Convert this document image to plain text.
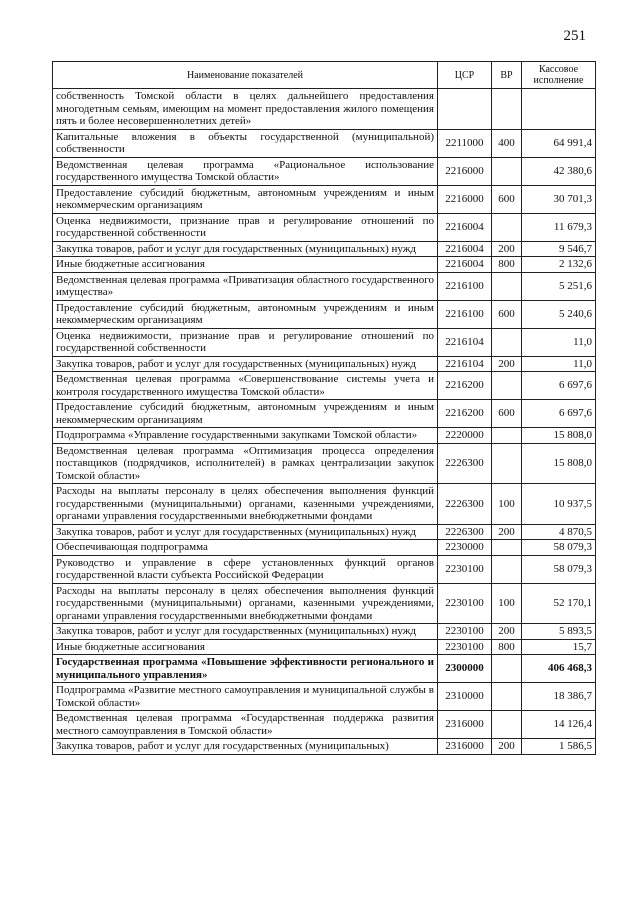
251
Наименование показателей	ЦСР	ВР	Кассовое исполнение
собственность Томской области в целях дальнейшего предоставления многодетным семьям, имеющим на момент предоставления жилого помещения пять и более несовершеннолетних детей»			
Капитальные вложения в объекты государственной (муниципальной) собственности	2211000	400	64 991,4
Ведомственная целевая программа «Рациональное использование государственного имущества Томской области»	2216000		42 380,6
Предоставление субсидий бюджетным, автономным учреждениям и иным некоммерческим организациям	2216000	600	30 701,3
Оценка недвижимости, признание прав и регулирование отношений по государственной собственности	2216004		11 679,3
Закупка товаров, работ и услуг для государственных (муниципальных) нужд	2216004	200	9 546,7
Иные бюджетные ассигнования	2216004	800	2 132,6
Ведомственная целевая программа «Приватизация областного государственного имущества»	2216100		5 251,6
Предоставление субсидий бюджетным, автономным учреждениям и иным некоммерческим организациям	2216100	600	5 240,6
Оценка недвижимости, признание прав и регулирование отношений по государственной собственности	2216104		11,0
Закупка товаров, работ и услуг для государственных (муниципальных) нужд	2216104	200	11,0
Ведомственная целевая программа «Совершенствование системы учета и контроля государственного имущества Томской области»	2216200		6 697,6
Предоставление субсидий бюджетным, автономным учреждениям и иным некоммерческим организациям	2216200	600	6 697,6
Подпрограмма «Управление государственными закупками Томской области»	2220000		15 808,0
Ведомственная целевая программа «Оптимизация процесса определения поставщиков (подрядчиков, исполнителей) в рамках централизации закупок Томской области»	2226300		15 808,0
Расходы на выплаты персоналу в целях обеспечения выполнения функций государственными (муниципальными) органами, казенными учреждениями, органами управления государственными внебюджетными фондами	2226300	100	10 937,5
Закупка товаров, работ и услуг для государственных (муниципальных) нужд	2226300	200	4 870,5
Обеспечивающая подпрограмма	2230000		58 079,3
Руководство и управление в сфере установленных функций органов государственной власти субъекта Российской Федерации	2230100		58 079,3
Расходы на выплаты персоналу в целях обеспечения выполнения функций государственными (муниципальными) органами, казенными учреждениями, органами управления государственными внебюджетными фондами	2230100	100	52 170,1
Закупка товаров, работ и услуг для государственных (муниципальных) нужд	2230100	200	5 893,5
Иные бюджетные ассигнования	2230100	800	15,7
Государственная программа «Повышение эффективности регионального и муниципального управления»	2300000		406 468,3
Подпрограмма «Развитие местного самоуправления и муниципальной службы в Томской области»	2310000		18 386,7
Ведомственная целевая программа «Государственная поддержка развития местного самоуправления в Томской области»	2316000		14 126,4
Закупка товаров, работ и услуг для государственных (муниципальных)	2316000	200	1 586,5
